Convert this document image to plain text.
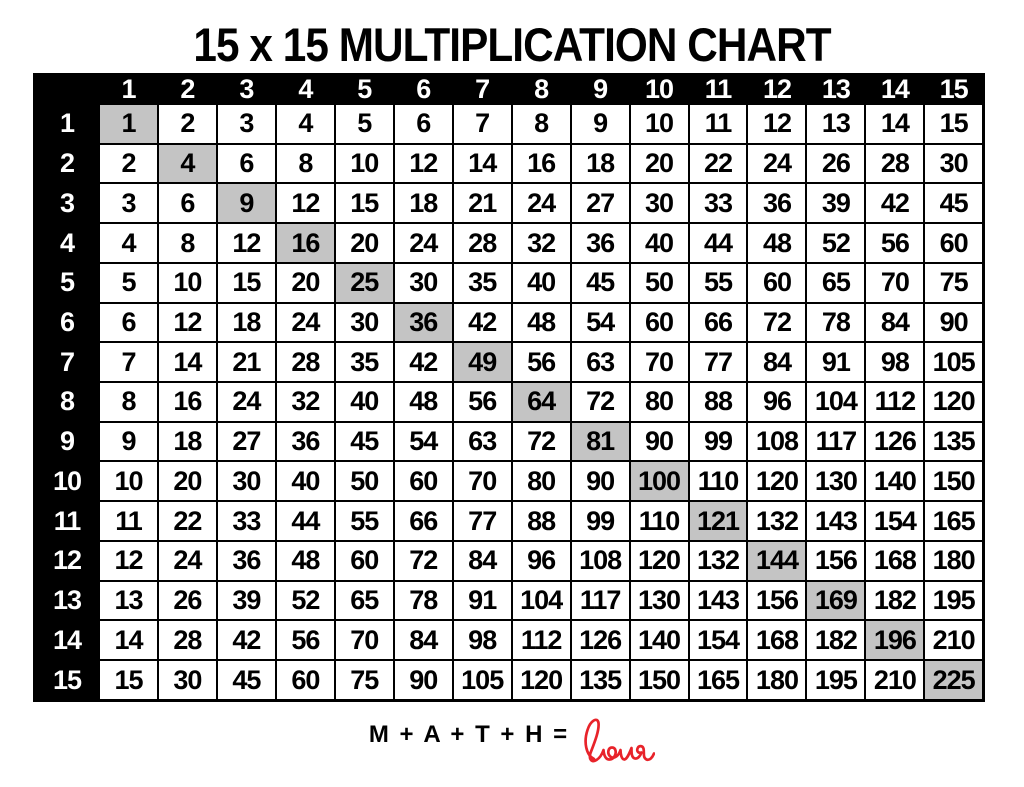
15 x 15 MULTIPLICATION CHART
	1	2	3	4	5	6	7	8	9	10	11	12	13	14	15
1	1	2	3	4	5	6	7	8	9	10	11	12	13	14	15
2	2	4	6	8	10	12	14	16	18	20	22	24	26	28	30
3	3	6	9	12	15	18	21	24	27	30	33	36	39	42	45
4	4	8	12	16	20	24	28	32	36	40	44	48	52	56	60
5	5	10	15	20	25	30	35	40	45	50	55	60	65	70	75
6	6	12	18	24	30	36	42	48	54	60	66	72	78	84	90
7	7	14	21	28	35	42	49	56	63	70	77	84	91	98	105
8	8	16	24	32	40	48	56	64	72	80	88	96	104	112	120
9	9	18	27	36	45	54	63	72	81	90	99	108	117	126	135
10	10	20	30	40	50	60	70	80	90	100	110	120	130	140	150
11	11	22	33	44	55	66	77	88	99	110	121	132	143	154	165
12	12	24	36	48	60	72	84	96	108	120	132	144	156	168	180
13	13	26	39	52	65	78	91	104	117	130	143	156	169	182	195
14	14	28	42	56	70	84	98	112	126	140	154	168	182	196	210
15	15	30	45	60	75	90	105	120	135	150	165	180	195	210	225
M + A + T + H =
